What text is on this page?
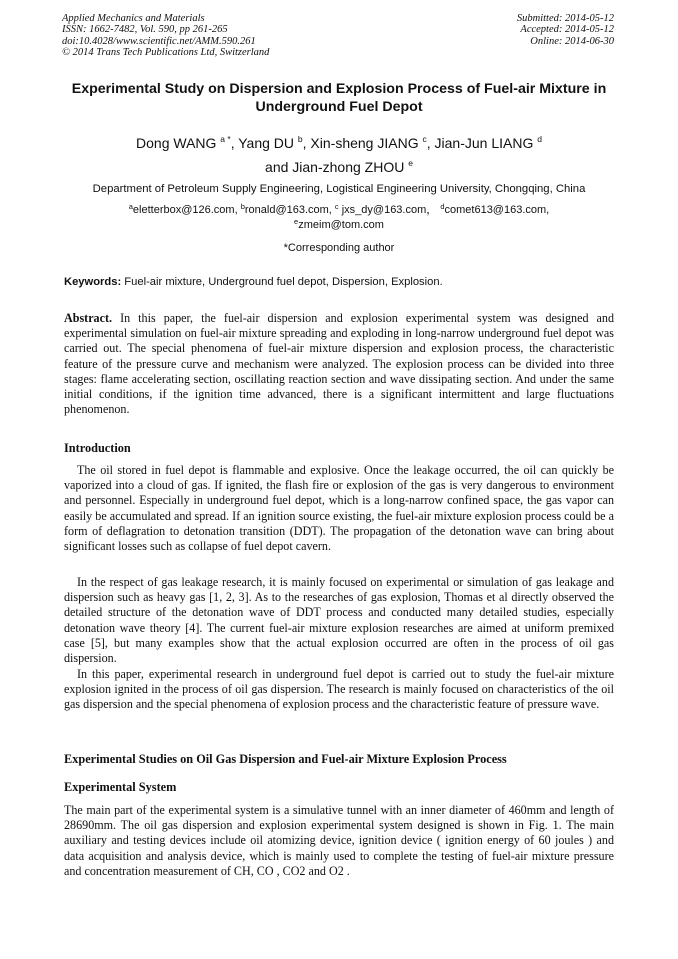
Applied Mechanics and Materials
ISSN: 1662-7482, Vol. 590, pp 261-265
doi:10.4028/www.scientific.net/AMM.590.261
© 2014 Trans Tech Publications Ltd, Switzerland
Submitted: 2014-05-12
Accepted: 2014-05-12
Online: 2014-06-30
Experimental Study on Dispersion and Explosion Process of Fuel-air Mixture in Underground Fuel Depot
Dong WANG $^{a *}$, Yang DU $^b$, Xin-sheng JIANG $^c$, Jian-Jun LIANG $^d$
and Jian-zhong ZHOU $^e$
Department of Petroleum Supply Engineering, Logistical Engineering University, Chongqing, China
$^a$eletterbox@126.com, $^b$ronald@163.com, $^c$ jxs_dy@163.com， $^d$comet613@163.com,
$^e$zmeim@tom.com
*Corresponding author
Keywords: Fuel-air mixture, Underground fuel depot, Dispersion, Explosion.

Abstract. In this paper, the fuel-air dispersion and explosion experimental system was designed and experimental simulation on fuel-air mixture spreading and exploding in long-narrow underground fuel depot was carried out. The special phenomena of fuel-air mixture dispersion and explosion process, the characteristic feature of the pressure curve and mechanism were analyzed. The explosion process can be divided into three stages: flame accelerating section, oscillating reaction section and wave dissipating section. And under the same initial conditions, if the ignition time advanced, there is a significant intermittent and large fluctuations phenomenon.

Introduction

The oil stored in fuel depot is flammable and explosive. Once the leakage occurred, the oil can quickly be vaporized into a cloud of gas. If ignited, the flash fire or explosion of the gas is very dangerous to environment and personnel. Especially in underground fuel depot, which is a long-narrow confined space, the gas vapor can easily be accumulated and spread. If an ignition source existing, the fuel-air mixture explosion process could be a form of deflagration to detonation transition (DDT). The propagation of the detonation wave can bring about significant losses such as collapse of fuel depot cavern.

In the respect of gas leakage research, it is mainly focused on experimental or simulation of gas leakage and dispersion such as heavy gas [1, 2, 3]. As to the researches of gas explosion, Thomas et al directly observed the detailed structure of the detonation wave of DDT process and conducted many detailed studies, especially detonation wave theory [4]. The current fuel-air mixture explosion researches are aimed at uniform premixed case [5], but many examples show that the actual explosion occurred are often in the process of oil gas dispersion.

In this paper, experimental research in underground fuel depot is carried out to study the fuel-air mixture explosion ignited in the process of oil gas dispersion. The research is mainly focused on characteristics of the oil gas dispersion and the special phenomena of explosion process and the characteristic feature of pressure wave.

Experimental Studies on Oil Gas Dispersion and Fuel-air Mixture Explosion Process
Experimental System

The main part of the experimental system is a simulative tunnel with an inner diameter of 460mm and length of 28690mm. The oil gas dispersion and explosion experimental system designed is shown in Fig. 1. The main auxiliary and testing devices include oil atomizing device, ignition device ( ignition energy of 60 joules ) and data acquisition and analysis device, which is mainly used to complete the testing of fuel-air mixture pressure and concentration measurement of CH, CO , CO2 and O2 .
